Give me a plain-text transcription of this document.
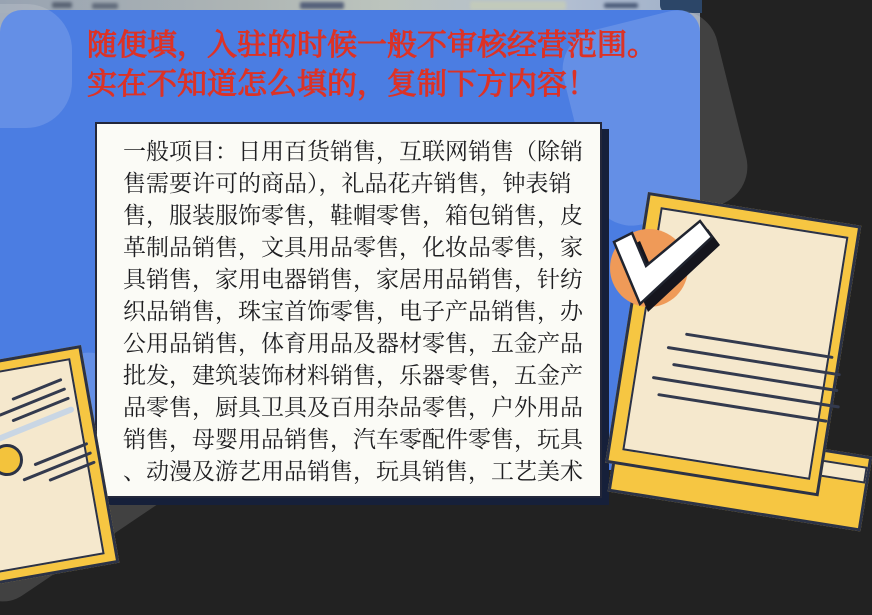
随便填，入驻的时候一般不审核经营范围。
实在不知道怎么填的，复制下方内容！
一般项目：日用百货销售，互联网销售（除销
售需要许可的商品），礼品花卉销售，钟表销
售，服装服饰零售，鞋帽零售，箱包销售，皮
革制品销售，文具用品零售，化妆品零售，家
具销售，家用电器销售，家居用品销售，针纺
织品销售，珠宝首饰零售，电子产品销售，办
公用品销售，体育用品及器材零售，五金产品
批发，建筑装饰材料销售，乐器零售，五金产
品零售，厨具卫具及百用杂品零售，户外用品
销售，母婴用品销售，汽车零配件零售，玩具
、动漫及游艺用品销售，玩具销售，工艺美术
